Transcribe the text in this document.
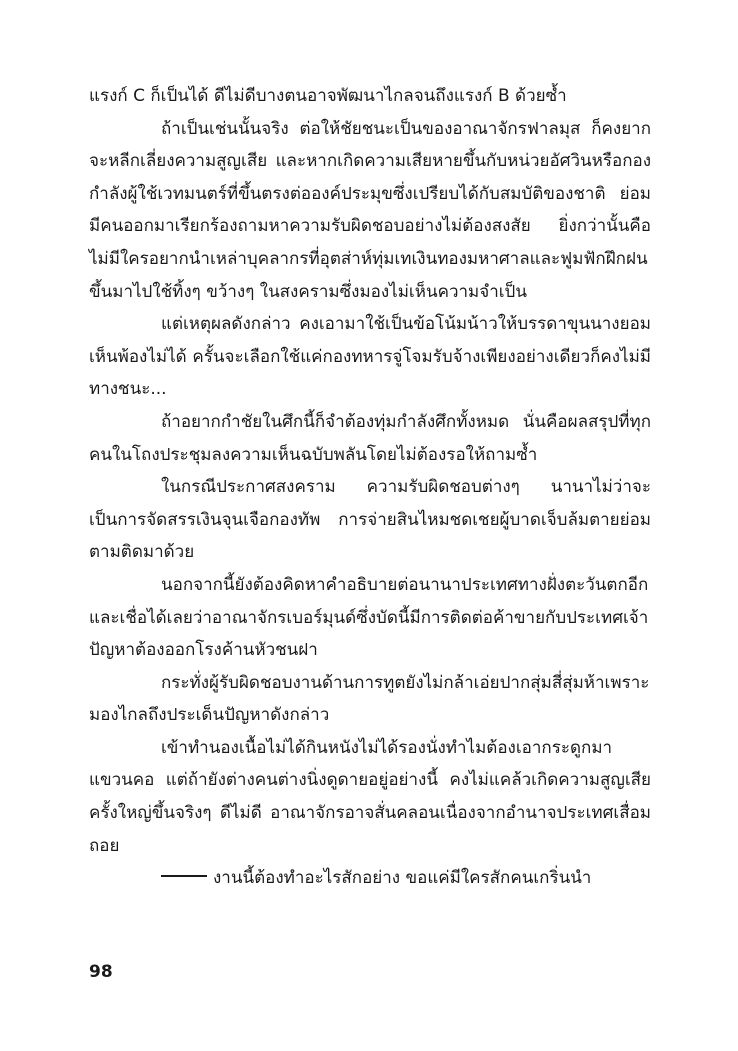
แรงก์ C ก็เป็นได้ ดีไม่ดีบางตนอาจพัฒนาไกลจนถึงแรงก์ B ด้วยซ้ำ

ถ้าเป็นเช่นนั้นจริง ต่อให้ชัยชนะเป็นของอาณาจักรฟาลมุส ก็คงยากจะหลีกเลี่ยงความสูญเสีย และหากเกิดความเสียหายขึ้นกับหน่วยอัศวินหรือกองกำลังผู้ใช้เวทมนตร์ที่ขึ้นตรงต่อองค์ประมุขซึ่งเปรียบได้กับสมบัติของชาติ ย่อมมีคนออกมาเรียกร้องถามหาความรับผิดชอบอย่างไม่ต้องสงสัย ยิ่งกว่านั้นคือไม่มีใครอยากนำเหล่าบุคลากรที่อุตส่าห์ทุ่มเทเงินทองมหาศาลและฟูมฟักฝึกฝนขึ้นมาไปใช้ทิ้งๆ ขว้างๆ ในสงครามซึ่งมองไม่เห็นความจำเป็น

แต่เหตุผลดังกล่าว คงเอามาใช้เป็นข้อโน้มน้าวให้บรรดาขุนนางยอมเห็นพ้องไม่ได้ ครั้นจะเลือกใช้แค่กองทหารจู่โจมรับจ้างเพียงอย่างเดียวก็คงไม่มีทางชนะ...

ถ้าอยากกำชัยในศึกนี้ก็จำต้องทุ่มกำลังศึกทั้งหมด นั่นคือผลสรุปที่ทุกคนในโถงประชุมลงความเห็นฉบับพลันโดยไม่ต้องรอให้ถามซ้ำ

ในกรณีประกาศสงคราม ความรับผิดชอบต่างๆ นานาไม่ว่าจะเป็นการจัดสรรเงินจุนเจือกองทัพ การจ่ายสินไหมชดเชยผู้บาดเจ็บล้มตายย่อมตามติดมาด้วย

นอกจากนี้ยังต้องคิดหาคำอธิบายต่อนานาประเทศทางฝั่งตะวันตกอีก และเชื่อได้เลยว่าอาณาจักรเบอร์มุนด์ซึ่งบัดนี้มีการติดต่อค้าขายกับประเทศเจ้าปัญหาต้องออกโรงค้านหัวชนฝา

กระทั่งผู้รับผิดชอบงานด้านการทูตยังไม่กล้าเอ่ยปากสุ่มสี่สุ่มห้าเพราะมองไกลถึงประเด็นปัญหาดังกล่าว

เข้าทำนองเนื้อไม่ได้กินหนังไม่ได้รองนั่งทำไมต้องเอากระดูกมาแขวนคอ แต่ถ้ายังต่างคนต่างนิ่งดูดายอยู่อย่างนี้ คงไม่แคล้วเกิดความสูญเสียครั้งใหญ่ขึ้นจริงๆ ดีไม่ดี อาณาจักรอาจสั่นคลอนเนื่องจากอำนาจประเทศเสื่อมถอย

งานนี้ต้องทำอะไรสักอย่าง ขอแค่มีใครสักคนเกริ่นนำ

98
